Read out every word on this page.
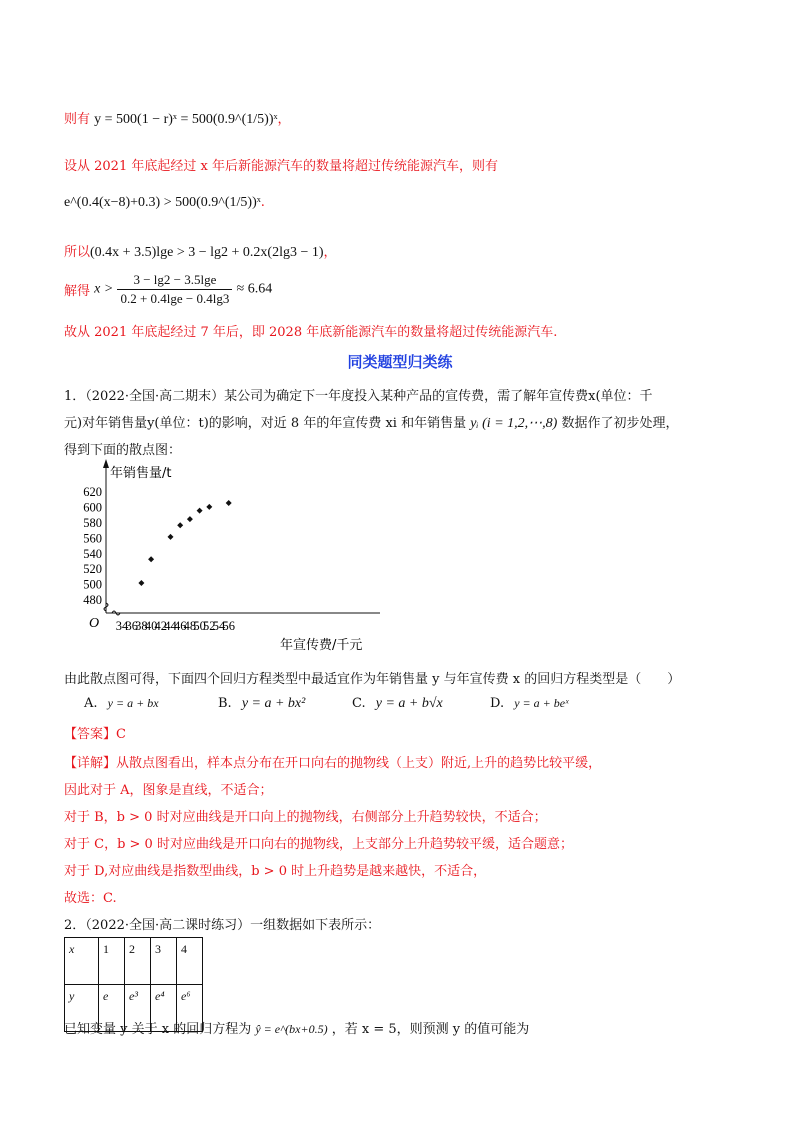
则有 y = 500(1 − r)ˣ = 500(0.9^(1/5))ˣ，
设从 2021 年底起经过 x 年后新能源汽车的数量将超过传统能源汽车，则有
e^(0.4(x−8)+0.3) > 500(0.9^(1/5))ˣ.
所以(0.4x + 3.5)lge > 3 − lg2 + 0.2x(2lg3 − 1)，
解得 $x > \frac{3 - \lg 2 - 3.5\lg e}{0.2 + 0.4\lg e - 0.4\lg 3} \approx 6.64$
故从 2021 年底起经过 7 年后，即 2028 年底新能源汽车的数量将超过传统能源汽车.
同类题型归类练
1．（2022·全国·高二期末）某公司为确定下一年度投入某种产品的宣传费，需了解年宣传费x(单位：千
元)对年销售量y(单位：t)的影响，对近 8 年的年宣传费 xi 和年销售量 yᵢ (i = 1,2,⋯,8) 数据作了初步处理，
得到下面的散点图：
年销售量/t
年宣传费/千元
O
480
500
520
540
560
580
600
620
34
36
38
40
42
44
46
48
50
52
54
56
由此散点图可得，下面四个回归方程类型中最适宜作为年销售量 y 与年宣传费 x 的回归方程类型是（　　）
A. y = a + bx	B. y = a + bx²	C. y = a + b√x	D. y = a + beˣ
【答案】C
【详解】从散点图看出，样本点分布在开口向右的抛物线（上支）附近,上升的趋势比较平缓，
因此对于 A，图象是直线，不适合；
对于 B，b > 0 时对应曲线是开口向上的抛物线，右侧部分上升趋势较快，不适合；
对于 C，b > 0 时对应曲线是开口向右的抛物线，上支部分上升趋势较平缓，适合题意；
对于 D,对应曲线是指数型曲线，b > 0 时上升趋势是越来越快，不适合，
故选：C.
2．（2022·全国·高二课时练习）一组数据如下表所示：
x	1	2	3	4
y	e	e³	e⁴	e⁶
已知变量 y 关于 x 的回归方程为 ŷ = e^(bx+0.5) ，若 x = 5，则预测 y 的值可能为
